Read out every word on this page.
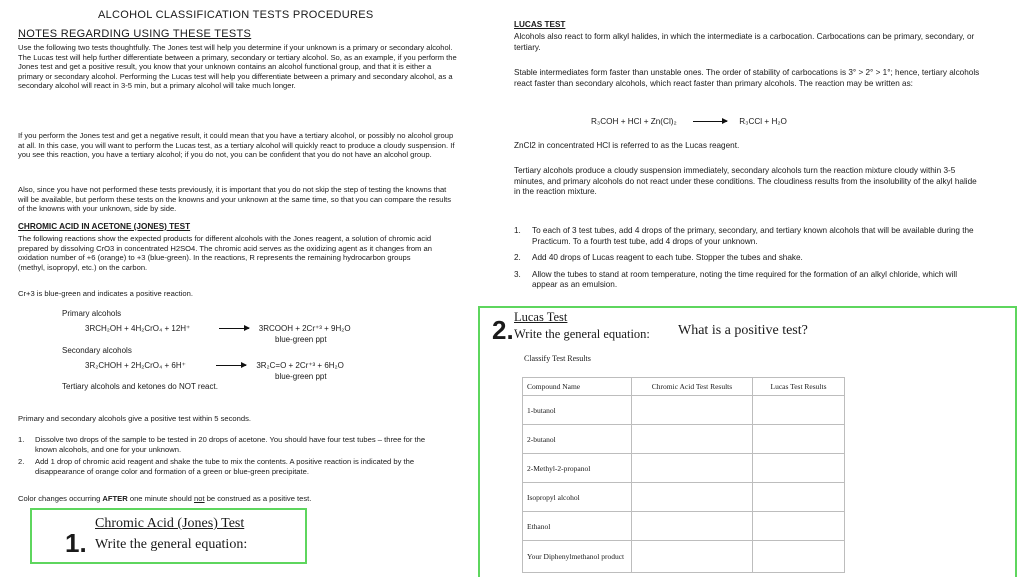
ALCOHOL CLASSIFICATION TESTS PROCEDURES
NOTES REGARDING USING THESE TESTS
Use the following two tests thoughtfully. The Jones test will help you determine if your unknown is a primary or secondary alcohol. The Lucas test will help further differentiate between a primary, secondary or tertiary alcohol. So, as an example, if you perform the Jones test and get a positive result, you know that your unknown contains an alcohol functional group, and that it is either a primary or secondary alcohol. Performing the Lucas test will help you differentiate between a primary and secondary alcohol, as a secondary alcohol will react in 3-5 min, but a primary alcohol will take much longer.
If you perform the Jones test and get a negative result, it could mean that you have a tertiary alcohol, or possibly no alcohol group at all. In this case, you will want to perform the Lucas test, as a tertiary alcohol will quickly react to produce a cloudy suspension. If you see this reaction, you have a tertiary alcohol; if you do not, you can be confident that you do not have an alcohol group.
Also, since you have not performed these tests previously, it is important that you do not skip the step of testing the knowns that will be available, but perform these tests on the knowns and your unknown at the same time, so that you can compare the results of the knowns with your unknown, side by side.
CHROMIC ACID IN ACETONE (JONES) TEST
The following reactions show the expected products for different alcohols with the Jones reagent, a solution of chromic acid prepared by dissolving CrO3 in concentrated H2SO4. The chromic acid serves as the oxidizing agent as it changes from an oxidation number of +6 (orange) to +3 (blue-green). In the reactions, R represents the remaining hydrocarbon groups (methyl, isopropyl, etc.) on the carbon.
Cr+3 is blue-green and indicates a positive reaction.
Primary alcohols
3RCH₂OH + 4H₂CrO₄ + 12H⁺	→ 3RCOOH + 2Cr⁺³ + 9H₂O
blue-green ppt
Secondary alcohols
3R₂CHOH + 2H₂CrO₄ + 6H⁺	→ 3R₂C=O + 2Cr⁺³ + 6H₂O
blue-green ppt
Tertiary alcohols and ketones do NOT react.
Primary and secondary alcohols give a positive test within 5 seconds.
1.	Dissolve two drops of the sample to be tested in 20 drops of acetone. You should have four test tubes – three for the known alcohols, and one for your unknown.
2.	Add 1 drop of chromic acid reagent and shake the tube to mix the contents. A positive reaction is indicated by the disappearance of orange color and formation of a green or blue-green precipitate.
Color changes occurring AFTER one minute should not be construed as a positive test.
1.
Chromic Acid (Jones) Test
Write the general equation:
LUCAS TEST
Alcohols also react to form alkyl halides, in which the intermediate is a carbocation. Carbocations can be primary, secondary, or tertiary.
Stable intermediates form faster than unstable ones. The order of stability of carbocations is 3° > 2° > 1°; hence, tertiary alcohols react faster than secondary alcohols, which react faster than primary alcohols. The reaction may be written as:
R₃COH + HCl + Zn(Cl)₂	R₃CCl + H₂O
ZnCl2 in concentrated HCl is referred to as the Lucas reagent.
Tertiary alcohols produce a cloudy suspension immediately, secondary alcohols turn the reaction mixture cloudy within 3-5 minutes, and primary alcohols do not react under these conditions. The cloudiness results from the insolubility of the alkyl halide in the reaction mixture.
1.	To each of 3 test tubes, add 4 drops of the primary, secondary, and tertiary known alcohols that will be available during the Practicum. To a fourth test tube, add 4 drops of your unknown.
2.	Add 40 drops of Lucas reagent to each tube. Stopper the tubes and shake.
3.	Allow the tubes to stand at room temperature, noting the time required for the formation of an alkyl chloride, which will appear as an emulsion.
2. Lucas Test
Write the general equation: What is a positive test?
Classify Test Results
Compound Name	Chromic Acid Test Results	Lucas Test Results
1-butanol		
2-butanol		
2-Methyl-2-propanol		
Isopropyl alcohol		
Ethanol		
Your Diphenylmethanol product		
